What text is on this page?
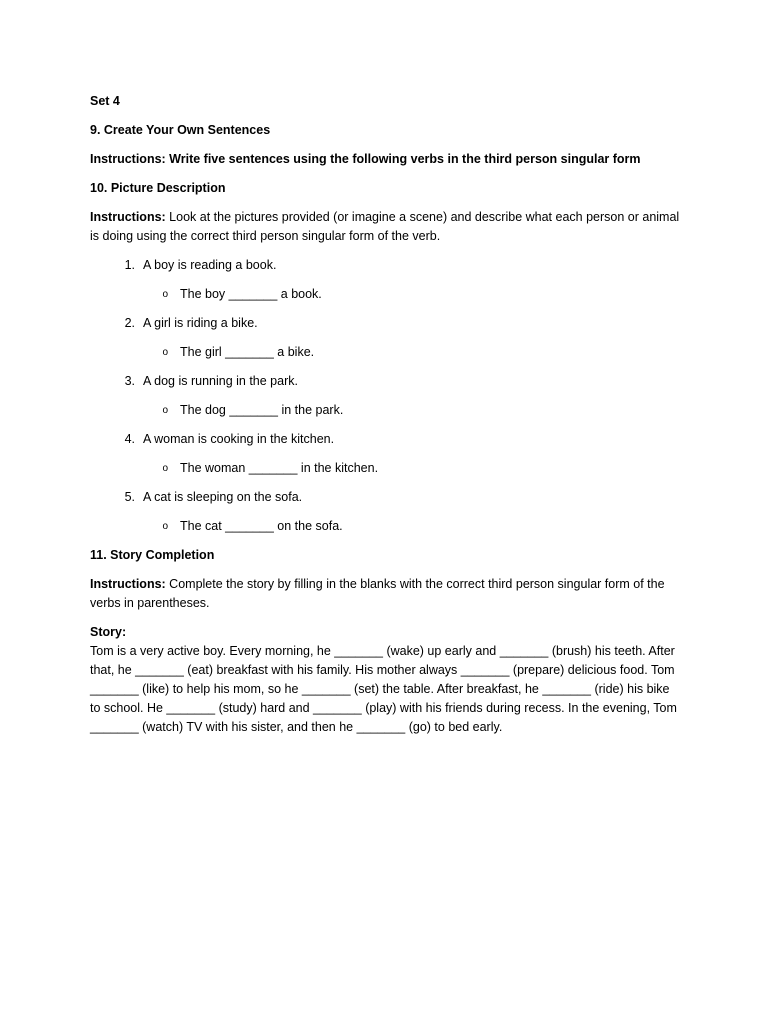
Set 4

9. Create Your Own Sentences

Instructions: Write five sentences using the following verbs in the third person singular form

10. Picture Description

Instructions: Look at the pictures provided (or imagine a scene) and describe what each person or animal is doing using the correct third person singular form of the verb.

1. A boy is reading a book.
o The boy _______ a book.
2. A girl is riding a bike.
o The girl _______ a bike.
3. A dog is running in the park.
o The dog _______ in the park.
4. A woman is cooking in the kitchen.
o The woman _______ in the kitchen.
5. A cat is sleeping on the sofa.
o The cat _______ on the sofa.

11. Story Completion

Instructions: Complete the story by filling in the blanks with the correct third person singular form of the verbs in parentheses.

Story:

Tom is a very active boy. Every morning, he _______ (wake) up early and _______ (brush) his teeth. After that, he _______ (eat) breakfast with his family. His mother always _______ (prepare) delicious food. Tom _______ (like) to help his mom, so he _______ (set) the table. After breakfast, he _______ (ride) his bike to school. He _______ (study) hard and _______ (play) with his friends during recess. In the evening, Tom _______ (watch) TV with his sister, and then he _______ (go) to bed early.
